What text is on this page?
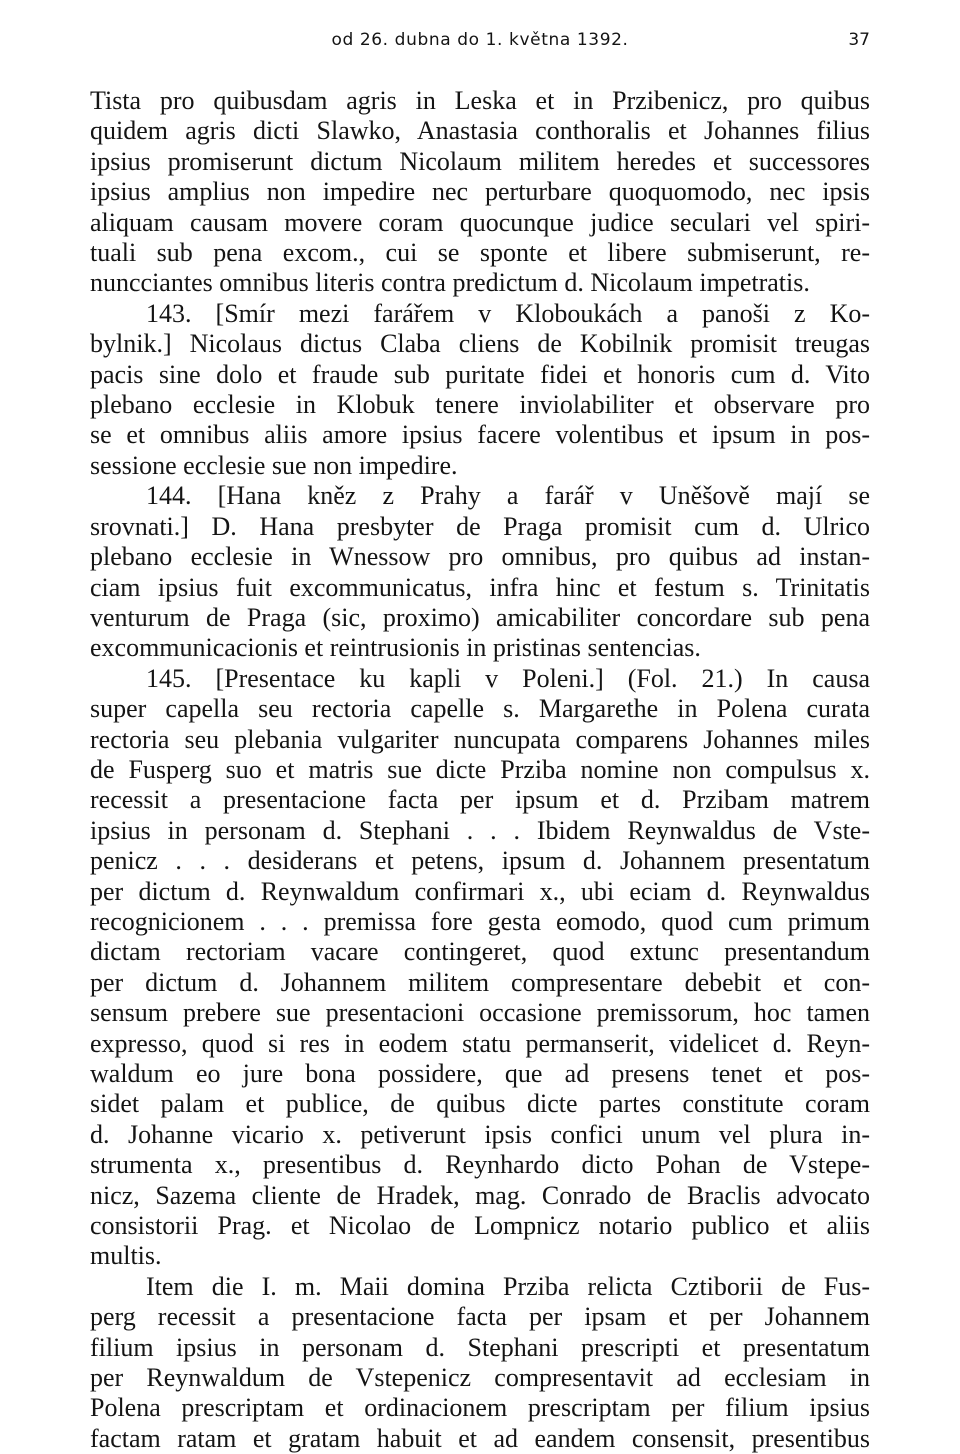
od 26. dubna do 1. května 1392.	37
Tista pro quibusdam agris in Leska et in Przibenicz, pro quibus
quidem agris dicti Slawko, Anastasia conthoralis et Johannes filius
ipsius promiserunt dictum Nicolaum militem heredes et successores
ipsius amplius non impedire nec perturbare quoquomodo, nec ipsis
aliquam causam movere coram quocunque judice seculari vel spiri-
tuali sub pena excom., cui se sponte et libere submiserunt, re-
nuncciantes omnibus literis contra predictum d. Nicolaum impetratis.
143. [Smír mezi farářem v Kloboukách a panoši z Ko-
bylnik.] Nicolaus dictus Claba cliens de Kobilnik promisit treugas
pacis sine dolo et fraude sub puritate fidei et honoris cum d. Vito
plebano ecclesie in Klobuk tenere inviolabiliter et observare pro
se et omnibus aliis amore ipsius facere volentibus et ipsum in pos-
sessione ecclesie sue non impedire.
144. [Hana kněz z Prahy a farář v Uněšově mají se
srovnati.] D. Hana presbyter de Praga promisit cum d. Ulrico
plebano ecclesie in Wnessow pro omnibus, pro quibus ad instan-
ciam ipsius fuit excommunicatus, infra hinc et festum s. Trinitatis
venturum de Praga (sic, proximo) amicabiliter concordare sub pena
excommunicacionis et reintrusionis in pristinas sentencias.
145. [Presentace ku kapli v Poleni.] (Fol. 21.) In causa
super capella seu rectoria capelle s. Margarethe in Polena curata
rectoria seu plebania vulgariter nuncupata comparens Johannes miles
de Fusperg suo et matris sue dicte Prziba nomine non compulsus x.
recessit a presentacione facta per ipsum et d. Przibam matrem
ipsius in personam d. Stephani . . . Ibidem Reynwaldus de Vste-
penicz . . . desiderans et petens, ipsum d. Johannem presentatum
per dictum d. Reynwaldum confirmari x., ubi eciam d. Reynwaldus
recognicionem . . . premissa fore gesta eomodo, quod cum primum
dictam rectoriam vacare contingeret, quod extunc presentandum
per dictum d. Johannem militem compresentare debebit et con-
sensum prebere sue presentacioni occasione premissorum, hoc tamen
expresso, quod si res in eodem statu permanserit, videlicet d. Reyn-
waldum eo jure bona possidere, que ad presens tenet et pos-
sidet palam et publice, de quibus dicte partes constitute coram
d. Johanne vicario x. petiverunt ipsis confici unum vel plura in-
strumenta x., presentibus d. Reynhardo dicto Pohan de Vstepe-
nicz, Sazema cliente de Hradek, mag. Conrado de Braclis advocato
consistorii Prag. et Nicolao de Lompnicz notario publico et aliis
multis.
Item die I. m. Maii domina Prziba relicta Cztiborii de Fus-
perg recessit a presentacione facta per ipsam et per Johannem
filium ipsius in personam d. Stephani prescripti et presentatum
per Reynwaldum de Vstepenicz compresentavit ad ecclesiam in
Polena prescriptam et ordinacionem prescriptam per filium ipsius
factam ratam et gratam habuit et ad eandem consensit, presentibus
